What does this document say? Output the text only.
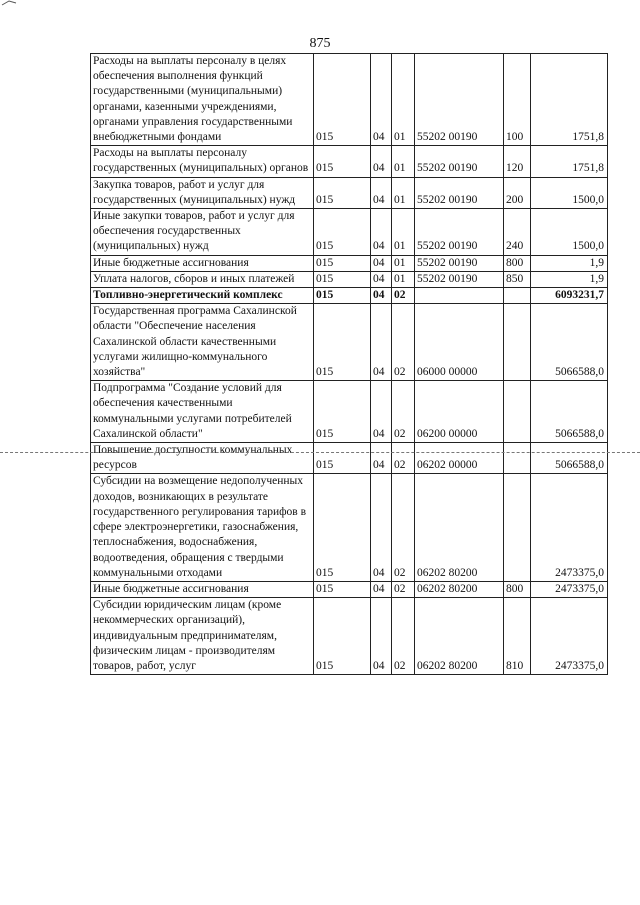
875
Расходы на выплаты персоналу в целях обеспечения выполнения функций государственными (муниципальными) органами, казенными учреждениями, органами управления государственными внебюджетными фондами	015	04	01	55202 00190	100	1751,8
Расходы на выплаты персоналу государственных (муниципальных) органов	015	04	01	55202 00190	120	1751,8
Закупка товаров, работ и услуг для государственных (муниципальных) нужд	015	04	01	55202 00190	200	1500,0
Иные закупки товаров, работ и услуг для обеспечения государственных (муниципальных) нужд	015	04	01	55202 00190	240	1500,0
Иные бюджетные ассигнования	015	04	01	55202 00190	800	1,9
Уплата налогов, сборов и иных платежей	015	04	01	55202 00190	850	1,9
Топливно-энергетический комплекс	015	04	02			6093231,7
Государственная программа Сахалинской области "Обеспечение населения Сахалинской области качественными услугами жилищно-коммунального хозяйства"	015	04	02	06000 00000		5066588,0
Подпрограмма "Создание условий для обеспечения качественными коммунальными услугами потребителей Сахалинской области"	015	04	02	06200 00000		5066588,0
Повышение доступности коммунальных ресурсов	015	04	02	06202 00000		5066588,0
Субсидии на возмещение недополученных доходов, возникающих в результате государственного регулирования тарифов в сфере электроэнергетики, газоснабжения, теплоснабжения, водоснабжения, водоотведения, обращения с твердыми коммунальными отходами	015	04	02	06202 80200		2473375,0
Иные бюджетные ассигнования	015	04	02	06202 80200	800	2473375,0
Субсидии юридическим лицам (кроме некоммерческих организаций), индивидуальным предпринимателям, физическим лицам - производителям товаров, работ, услуг	015	04	02	06202 80200	810	2473375,0
